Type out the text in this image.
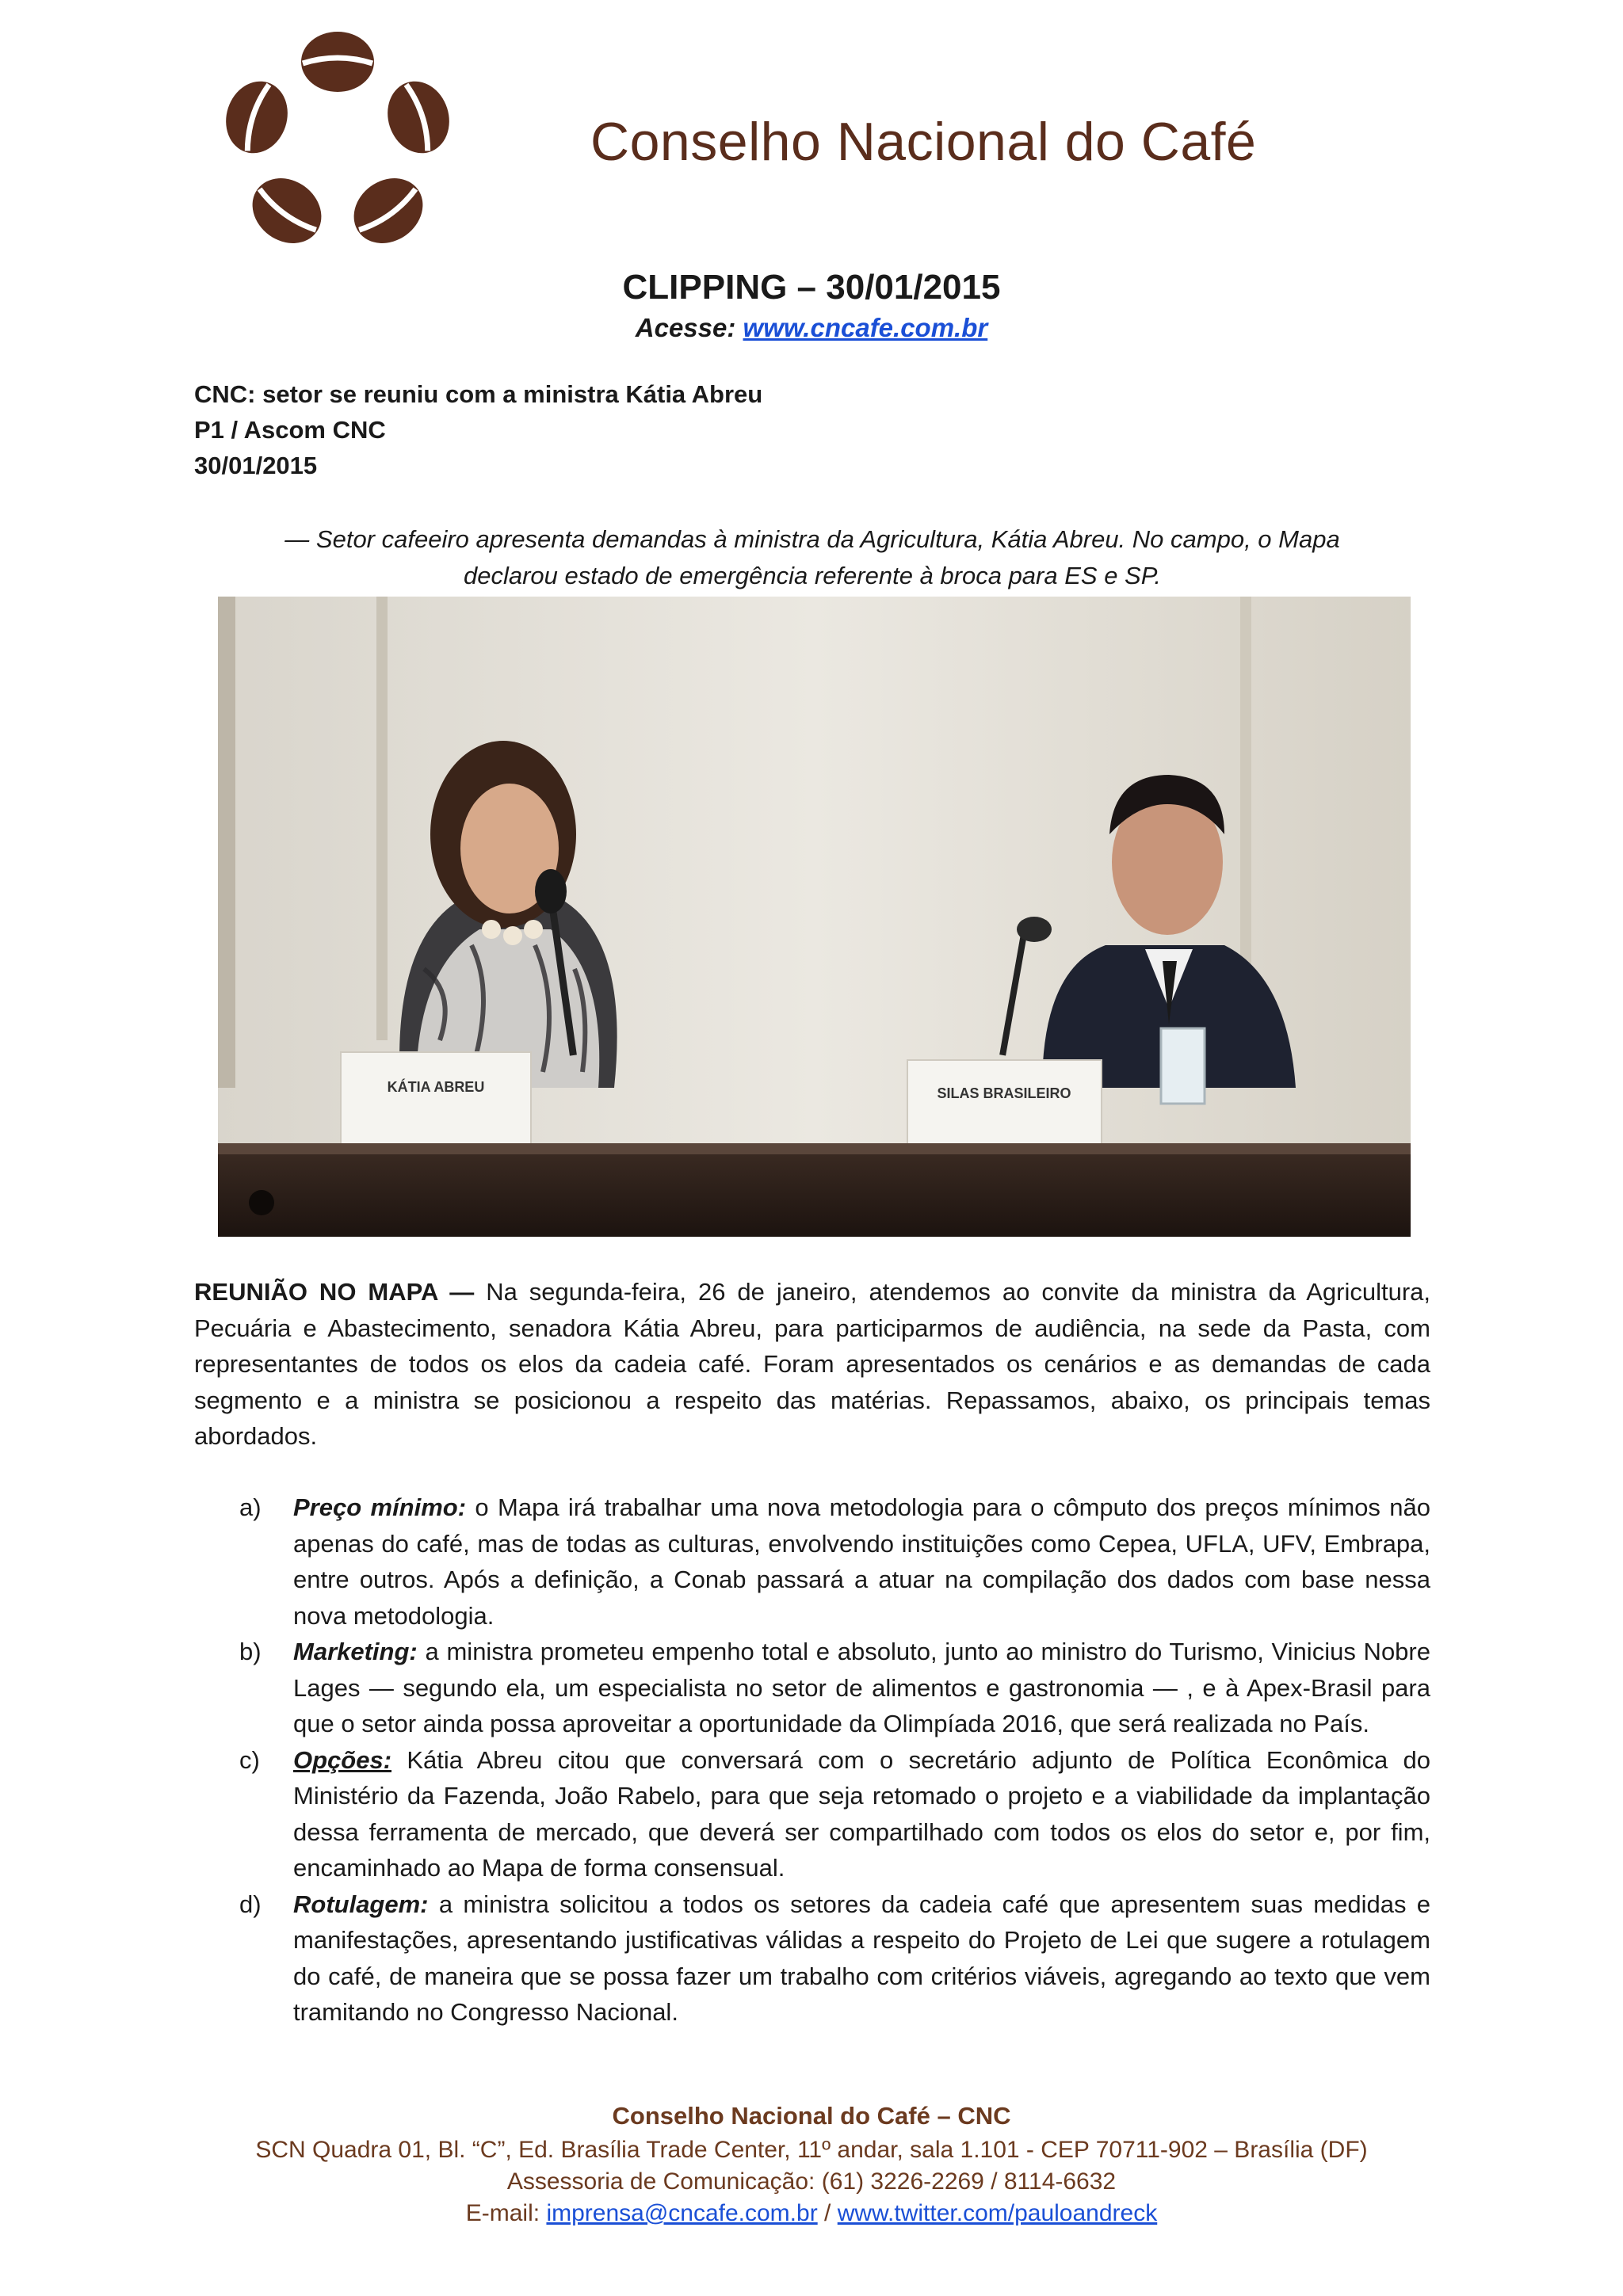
Conselho Nacional do Café
CLIPPING – 30/01/2015
Acesse: www.cncafe.com.br
CNC: setor se reuniu com a ministra Kátia Abreu
P1 / Ascom CNC
30/01/2015
— Setor cafeeiro apresenta demandas à ministra da Agricultura, Kátia Abreu. No campo, o Mapa
declarou estado de emergência referente à broca para ES e SP.
KÁTIA ABREU	SILAS BRASILEIRO
REUNIÃO NO MAPA — Na segunda-feira, 26 de janeiro, atendemos ao convite da ministra da Agricultura, Pecuária e Abastecimento, senadora Kátia Abreu, para participarmos de audiência, na sede da Pasta, com representantes de todos os elos da cadeia café. Foram apresentados os cenários e as demandas de cada segmento e a ministra se posicionou a respeito das matérias. Repassamos, abaixo, os principais temas abordados.
a) Preço mínimo: o Mapa irá trabalhar uma nova metodologia para o cômputo dos preços mínimos não apenas do café, mas de todas as culturas, envolvendo instituições como Cepea, UFLA, UFV, Embrapa, entre outros. Após a definição, a Conab passará a atuar na compilação dos dados com base nessa nova metodologia.
b) Marketing: a ministra prometeu empenho total e absoluto, junto ao ministro do Turismo, Vinicius Nobre Lages — segundo ela, um especialista no setor de alimentos e gastronomia — , e à Apex-Brasil para que o setor ainda possa aproveitar a oportunidade da Olimpíada 2016, que será realizada no País.
c) Opções: Kátia Abreu citou que conversará com o secretário adjunto de Política Econômica do Ministério da Fazenda, João Rabelo, para que seja retomado o projeto e a viabilidade da implantação dessa ferramenta de mercado, que deverá ser compartilhado com todos os elos do setor e, por fim, encaminhado ao Mapa de forma consensual.
d) Rotulagem: a ministra solicitou a todos os setores da cadeia café que apresentem suas medidas e manifestações, apresentando justificativas válidas a respeito do Projeto de Lei que sugere a rotulagem do café, de maneira que se possa fazer um trabalho com critérios viáveis, agregando ao texto que vem tramitando no Congresso Nacional.
Conselho Nacional do Café – CNC
SCN Quadra 01, Bl. “C”, Ed. Brasília Trade Center, 11º andar, sala 1.101 - CEP 70711-902 – Brasília (DF)
Assessoria de Comunicação: (61) 3226-2269 / 8114-6632
E-mail: imprensa@cncafe.com.br / www.twitter.com/pauloandreck
